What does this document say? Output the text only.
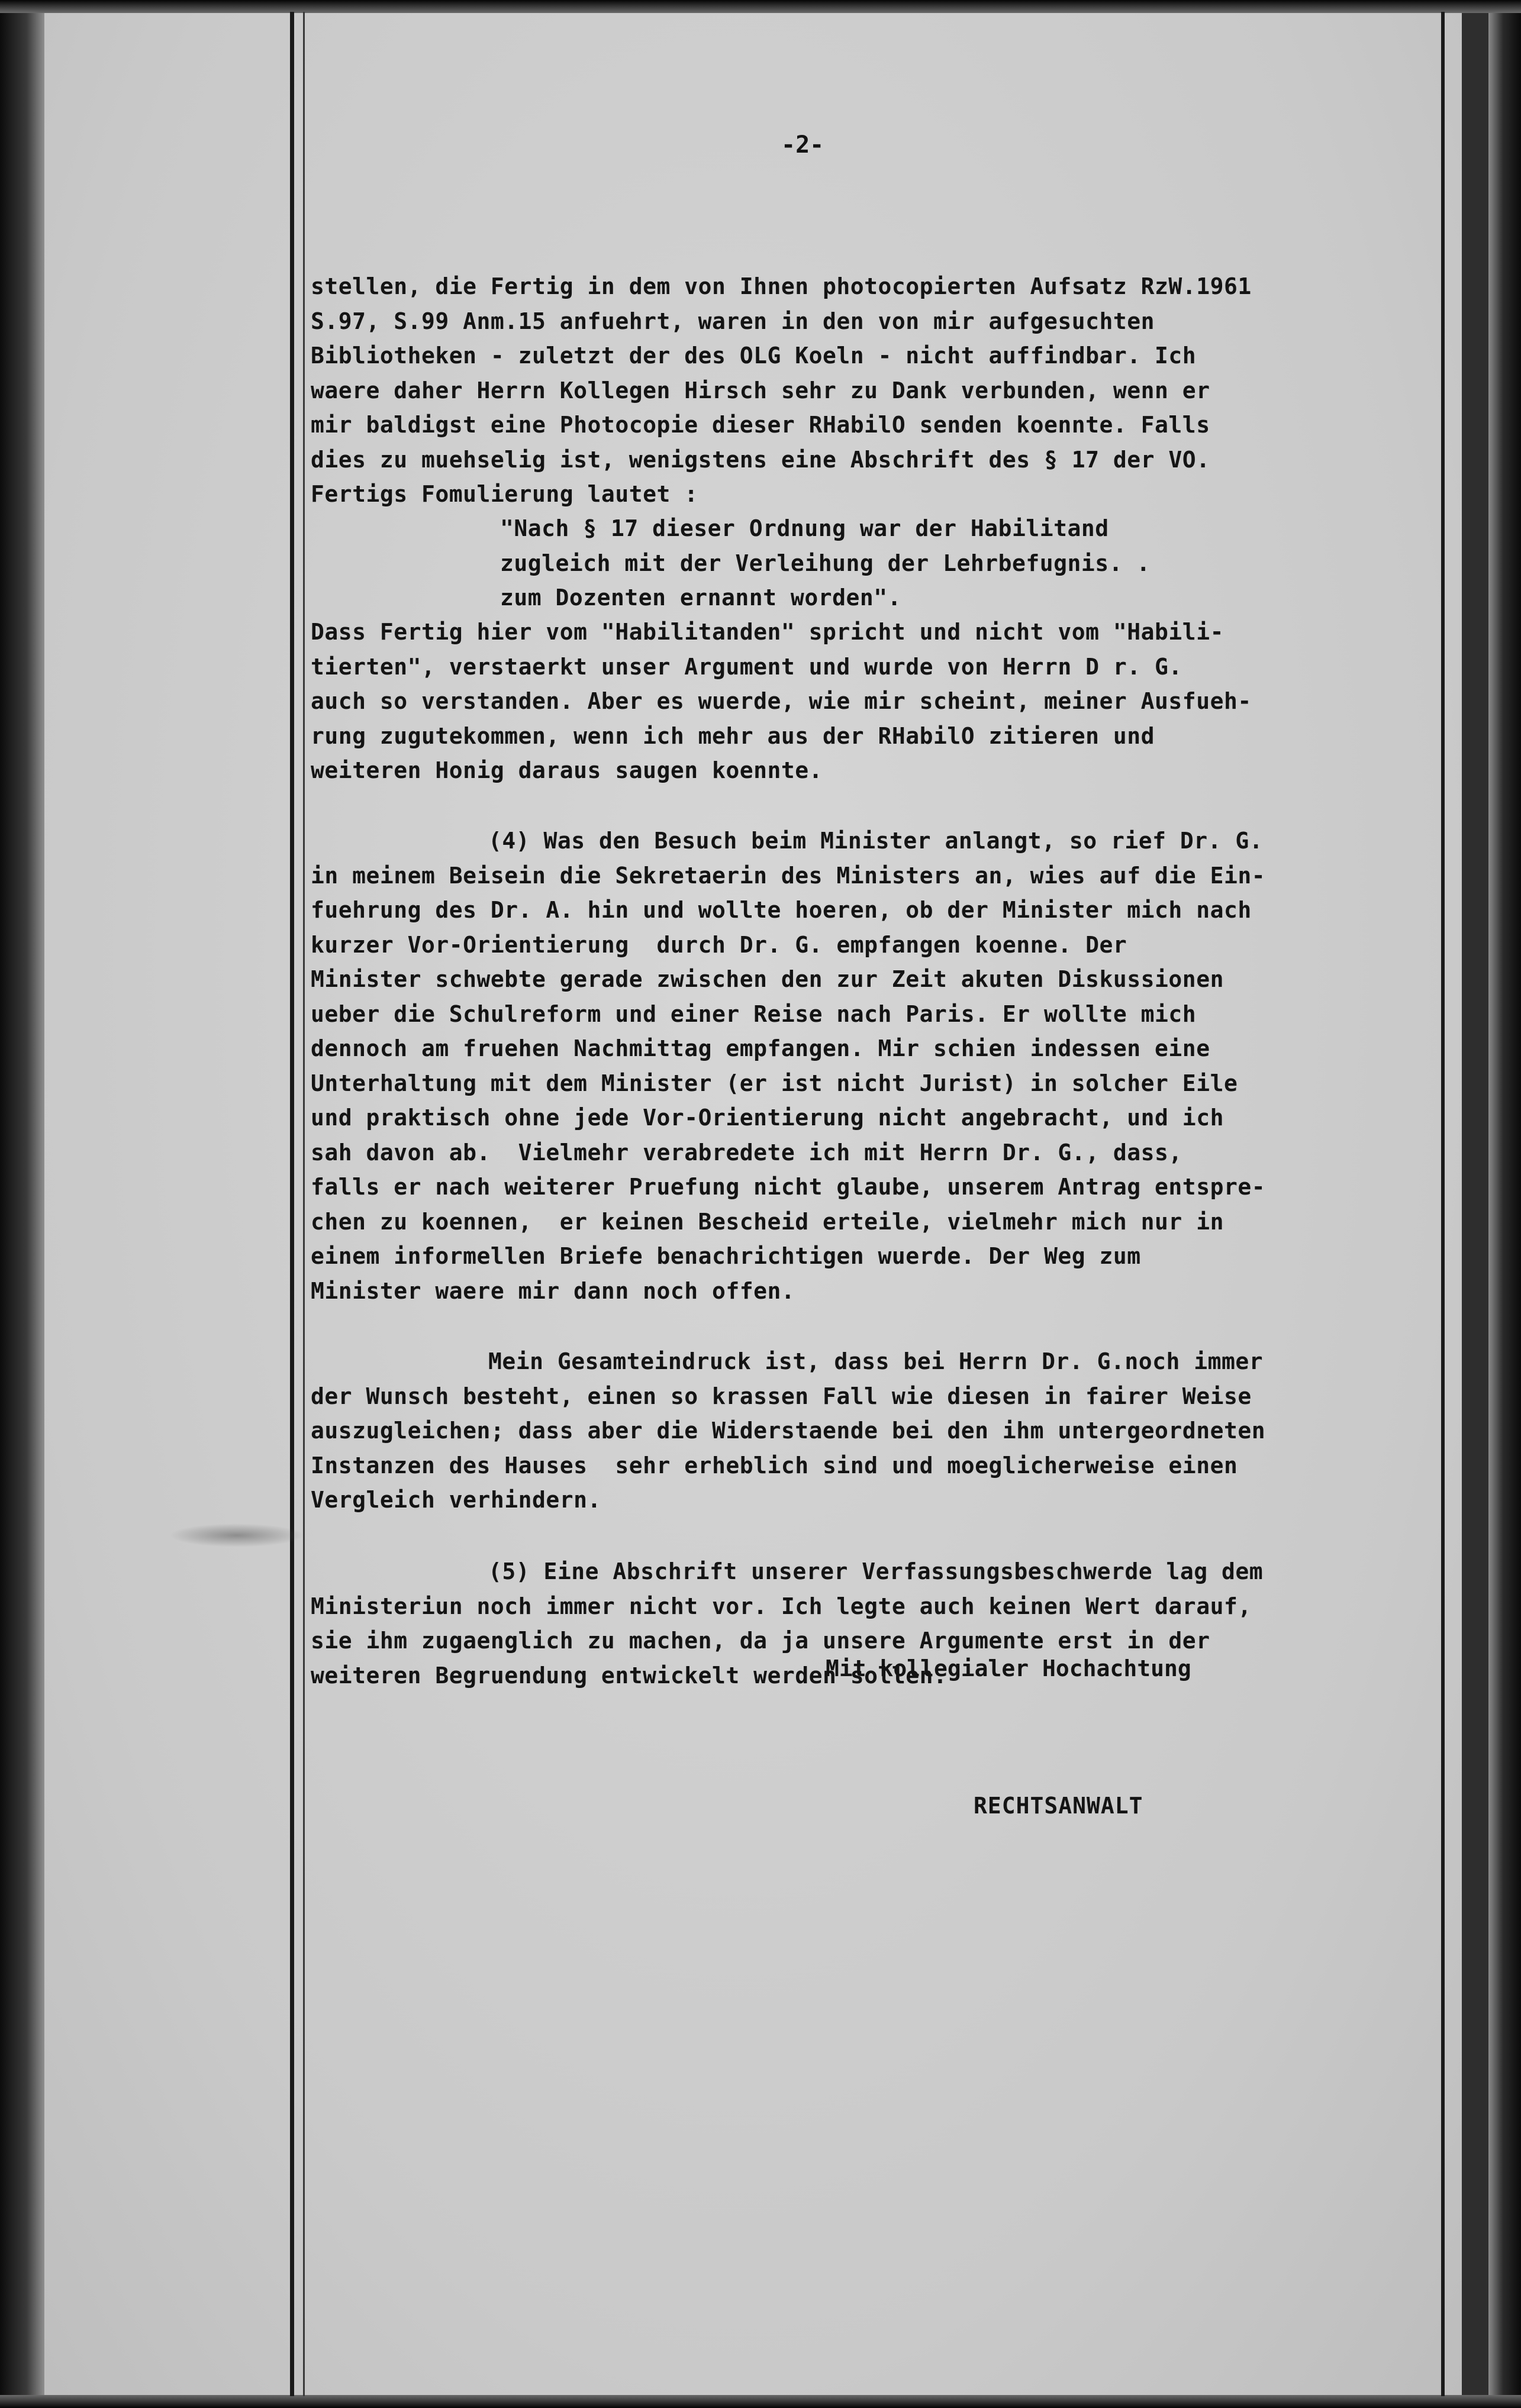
-2-

stellen, die Fertig in dem von Ihnen photocopierten Aufsatz RzW.1961
S.97, S.99 Anm.15 anfuehrt, waren in den von mir aufgesuchten
Bibliotheken - zuletzt der des OLG Koeln - nicht auffindbar. Ich
waere daher Herrn Kollegen Hirsch sehr zu Dank verbunden, wenn er
mir baldigst eine Photocopie dieser RHabilO senden koennte. Falls
dies zu muehselig ist, wenigstens eine Abschrift des § 17 der VO.
Fertigs Fomulierung lautet :

"Nach § 17 dieser Ordnung war der Habilitand
zugleich mit der Verleihung der Lehrbefugnis. .
zum Dozenten ernannt worden".

Dass Fertig hier vom "Habilitanden" spricht und nicht vom "Habili-
tierten", verstaerkt unser Argument und wurde von Herrn D r. G.
auch so verstanden. Aber es wuerde, wie mir scheint, meiner Ausfueh-
rung zugutekommen, wenn ich mehr aus der RHabilO zitieren und
weiteren Honig daraus saugen koennte.

(4) Was den Besuch beim Minister anlangt, so rief Dr. G.
in meinem Beisein die Sekretaerin des Ministers an, wies auf die Ein-
fuehrung des Dr. A. hin und wollte hoeren, ob der Minister mich nach
kurzer Vor-Orientierung  durch Dr. G. empfangen koenne. Der
Minister schwebte gerade zwischen den zur Zeit akuten Diskussionen
ueber die Schulreform und einer Reise nach Paris. Er wollte mich
dennoch am fruehen Nachmittag empfangen. Mir schien indessen eine
Unterhaltung mit dem Minister (er ist nicht Jurist) in solcher Eile
und praktisch ohne jede Vor-Orientierung nicht angebracht, und ich
sah davon ab.  Vielmehr verabredete ich mit Herrn Dr. G., dass,
falls er nach weiterer Pruefung nicht glaube, unserem Antrag entspre-
chen zu koennen,  er keinen Bescheid erteile, vielmehr mich nur in
einem informellen Briefe benachrichtigen wuerde. Der Weg zum
Minister waere mir dann noch offen.

Mein Gesamteindruck ist, dass bei Herrn Dr. G.noch immer
der Wunsch besteht, einen so krassen Fall wie diesen in fairer Weise
auszugleichen; dass aber die Widerstaende bei den ihm untergeordneten
Instanzen des Hauses  sehr erheblich sind und moeglicherweise einen
Vergleich verhindern.

(5) Eine Abschrift unserer Verfassungsbeschwerde lag dem
Ministeriun noch immer nicht vor. Ich legte auch keinen Wert darauf,
sie ihm zugaenglich zu machen, da ja unsere Argumente erst in der
weiteren Begruendung entwickelt werden sollen.

Mit kollegialer Hochachtung
RECHTSANWALT
